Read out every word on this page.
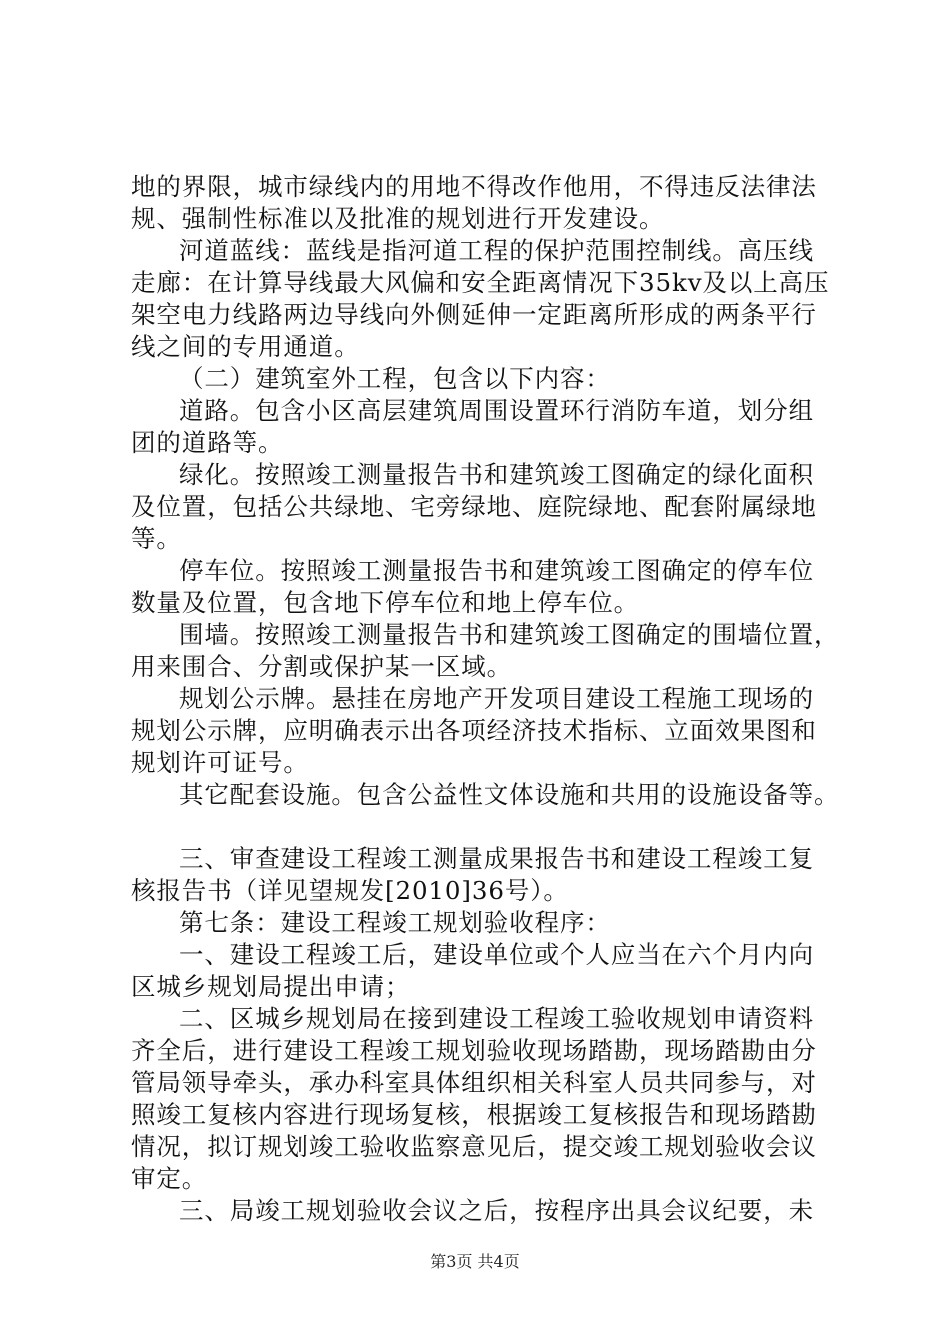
地的界限，城市绿线内的用地不得改作他用，不得违反法律法
规、强制性标准以及批准的规划进行开发建设。
河道蓝线：蓝线是指河道工程的保护范围控制线。高压线
走廊：在计算导线最大风偏和安全距离情况下35kv及以上高压
架空电力线路两边导线向外侧延伸一定距离所形成的两条平行
线之间的专用通道。
（二）建筑室外工程，包含以下内容：
道路。包含小区高层建筑周围设置环行消防车道，划分组
团的道路等。
绿化。按照竣工测量报告书和建筑竣工图确定的绿化面积
及位置，包括公共绿地、宅旁绿地、庭院绿地、配套附属绿地
等。
停车位。按照竣工测量报告书和建筑竣工图确定的停车位
数量及位置，包含地下停车位和地上停车位。
围墙。按照竣工测量报告书和建筑竣工图确定的围墙位置，
用来围合、分割或保护某一区域。
规划公示牌。悬挂在房地产开发项目建设工程施工现场的
规划公示牌，应明确表示出各项经济技术指标、立面效果图和
规划许可证号。
其它配套设施。包含公益性文体设施和共用的设施设备等。
三、审查建设工程竣工测量成果报告书和建设工程竣工复
核报告书（详见望规发[2010]36号）。
第七条：建设工程竣工规划验收程序：
一、建设工程竣工后，建设单位或个人应当在六个月内向
区城乡规划局提出申请；
二、区城乡规划局在接到建设工程竣工验收规划申请资料
齐全后，进行建设工程竣工规划验收现场踏勘，现场踏勘由分
管局领导牵头，承办科室具体组织相关科室人员共同参与，对
照竣工复核内容进行现场复核，根据竣工复核报告和现场踏勘
情况，拟订规划竣工验收监察意见后，提交竣工规划验收会议
审定。
三、局竣工规划验收会议之后，按程序出具会议纪要，未
第3页 共4页
